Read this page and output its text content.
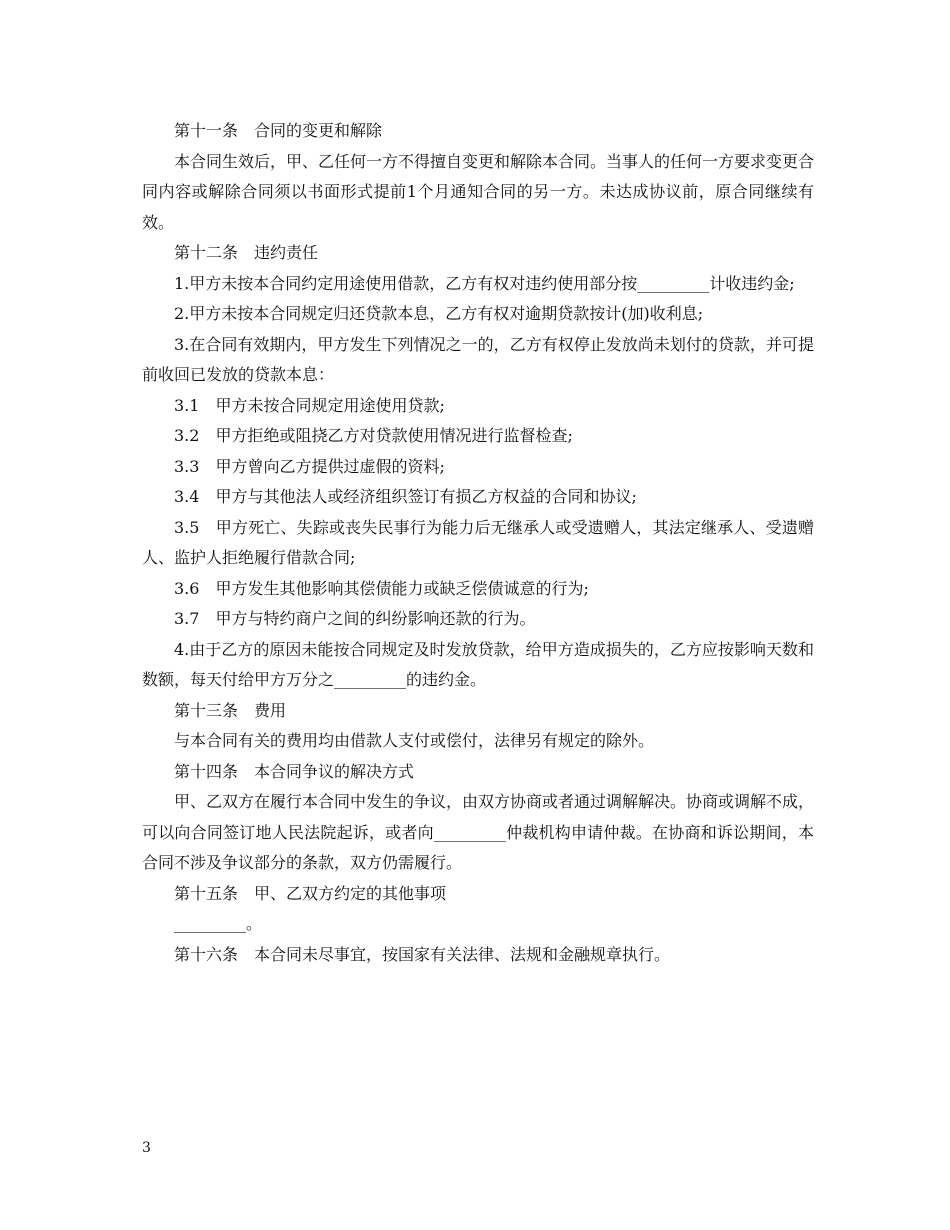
第十一条　合同的变更和解除

本合同生效后，甲、乙任何一方不得擅自变更和解除本合同。当事人的任何一方要求变更合同内容或解除合同须以书面形式提前1个月通知合同的另一方。未达成协议前，原合同继续有效。

第十二条　违约责任

1.甲方未按本合同约定用途使用借款，乙方有权对违约使用部分按_________计收违约金;

2.甲方未按本合同规定归还贷款本息，乙方有权对逾期贷款按计(加)收利息;

3.在合同有效期内，甲方发生下列情况之一的，乙方有权停止发放尚未划付的贷款，并可提前收回已发放的贷款本息：

3.1　甲方未按合同规定用途使用贷款;

3.2　甲方拒绝或阻挠乙方对贷款使用情况进行监督检查;

3.3　甲方曾向乙方提供过虚假的资料;

3.4　甲方与其他法人或经济组织签订有损乙方权益的合同和协议;

3.5　甲方死亡、失踪或丧失民事行为能力后无继承人或受遗赠人，其法定继承人、受遗赠人、监护人拒绝履行借款合同;

3.6　甲方发生其他影响其偿债能力或缺乏偿债诚意的行为;

3.7　甲方与特约商户之间的纠纷影响还款的行为。

4.由于乙方的原因未能按合同规定及时发放贷款，给甲方造成损失的，乙方应按影响天数和数额，每天付给甲方万分之_________的违约金。

第十三条　费用

与本合同有关的费用均由借款人支付或偿付，法律另有规定的除外。

第十四条　本合同争议的解决方式

甲、乙双方在履行本合同中发生的争议，由双方协商或者通过调解解决。协商或调解不成，可以向合同签订地人民法院起诉，或者向_________仲裁机构申请仲裁。在协商和诉讼期间，本合同不涉及争议部分的条款，双方仍需履行。

第十五条　甲、乙双方约定的其他事项

_________。

第十六条　本合同未尽事宜，按国家有关法律、法规和金融规章执行。

3
